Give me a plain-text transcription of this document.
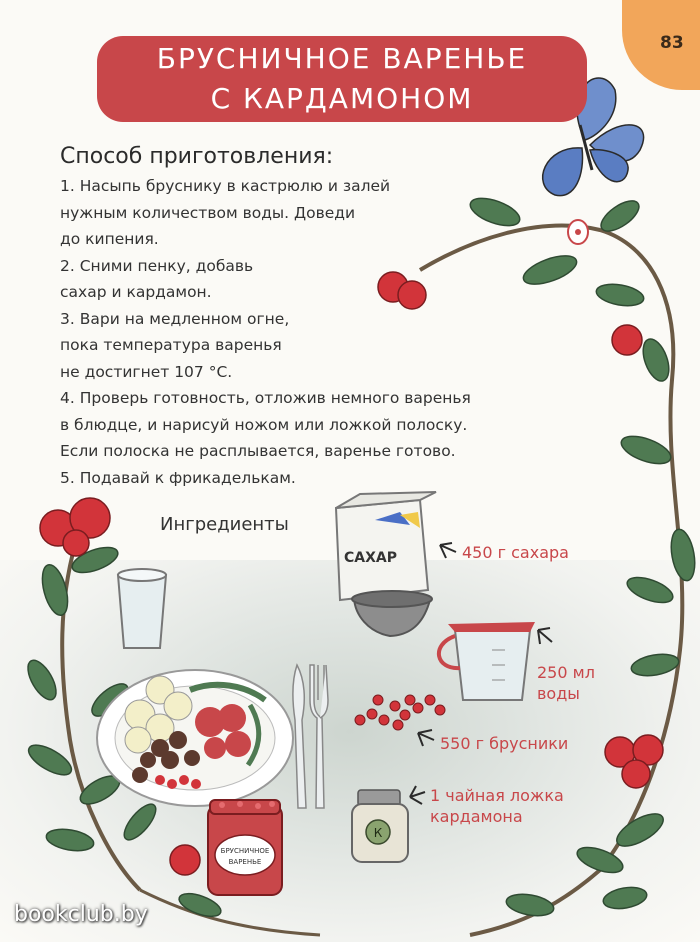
83
БРУСНИЧНОЕ ВАРЕНЬЕ
С КАРДАМОНОМ
Способ приготовления:

1. Насыпь бруснику в кастрюлю и залей

нужным количеством воды. Доведи

до кипения.

2. Сними пенку, добавь

сахар и кардамон.

3. Вари на медленном огне,

пока температура варенья

не достигнет 107 °С.

4. Проверь готовность, отложив немного варенья

в блюдце, и нарисуй ножом или ложкой полоску.

Если полоска не расплывается, варенье готово.

5. Подавай к фрикаделькам.

Ингредиенты
САХАР
БРУСНИЧНОЕ
ВАРЕНЬЕ
К
450 г сахара
250 мл
воды
550 г брусники
1 чайная ложка
кардамона
bookclub.by
